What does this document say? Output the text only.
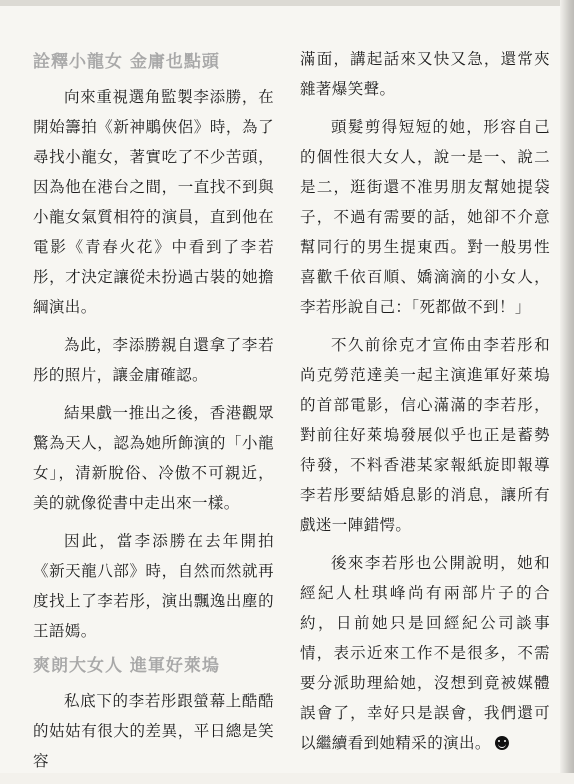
詮釋小龍女 金庸也點頭

向來重視選角監製李添勝，在開始籌拍《新神鵰俠侶》時，為了尋找小龍女，著實吃了不少苦頭，因為他在港台之間，一直找不到與小龍女氣質相符的演員，直到他在電影《青春火花》中看到了李若彤，才決定讓從未扮過古裝的她擔綱演出。

為此，李添勝親自還拿了李若彤的照片，讓金庸確認。

結果戲一推出之後，香港觀眾驚為天人，認為她所飾演的「小龍女」，清新脫俗、冷傲不可親近，美的就像從書中走出來一樣。

因此，當李添勝在去年開拍《新天龍八部》時，自然而然就再度找上了李若彤，演出飄逸出塵的王語嫣。

爽朗大女人 進軍好萊塢

私底下的李若彤跟螢幕上酷酷的姑姑有很大的差異，平日總是笑容

滿面，講起話來又快又急，還常夾雜著爆笑聲。

頭髮剪得短短的她，形容自己的個性很大女人，說一是一、說二是二，逛街還不准男朋友幫她提袋子，不過有需要的話，她卻不介意幫同行的男生提東西。對一般男性喜歡千依百順、嬌滴滴的小女人，李若彤說自己：「死都做不到！」

不久前徐克才宣佈由李若彤和尚克勞范達美一起主演進軍好萊塢的首部電影，信心滿滿的李若彤，對前往好萊塢發展似乎也正是蓄勢待發，不料香港某家報紙旋即報導李若彤要結婚息影的消息，讓所有戲迷一陣錯愕。

後來李若彤也公開說明，她和經紀人杜琪峰尚有兩部片子的合約，日前她只是回經紀公司談事情，表示近來工作不是很多，不需要分派助理給她，沒想到竟被媒體誤會了，幸好只是誤會，我們還可以繼續看到她精采的演出。
